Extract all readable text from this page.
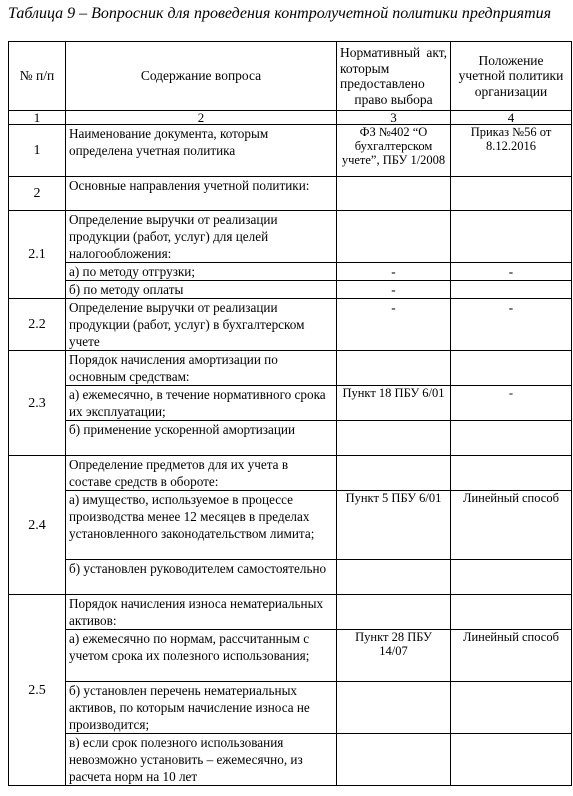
Таблица 9 – Вопросник для проведения контролучетной политики предприятия
№ п/п	Содержание вопроса	Нормативный акт, которым предоставлено право выбора	Положение учетной политики организации
1	2	3	4
1	Наименование документа, которым определена учетная политика	ФЗ №402 “О бухгалтерском учете”, ПБУ 1/2008	Приказ №56 от 8.12.2016
2	Основные направления учетной политики:		
2.1	Определение выручки от реализации продукции (работ, услуг) для целей налогообложения:		
	а) по методу отгрузки;	-	-
	б) по методу оплаты	-	
2.2	Определение выручки от реализации продукции (работ, услуг) в бухгалтерском учете	-	-
2.3	Порядок начисления амортизации по основным средствам:		
	а) ежемесячно, в течение нормативного срока их эксплуатации;	Пункт 18 ПБУ 6/01	-
	б) применение ускоренной амортизации		
2.4	Определение предметов для их учета в составе средств в обороте:		
	а) имущество, используемое в процессе производства менее 12 месяцев в пределах установленного законодательством лимита;	Пункт 5 ПБУ 6/01	Линейный способ
	б) установлен руководителем самостоятельно		
2.5	Порядок начисления износа нематериальных активов:		
	а) ежемесячно по нормам, рассчитанным с учетом срока их полезного использования;	Пункт 28 ПБУ 14/07	Линейный способ
	б) установлен перечень нематериальных активов, по которым начисление износа не производится;		
	в) если срок полезного использования невозможно установить – ежемесячно, из расчета норм на 10 лет		
